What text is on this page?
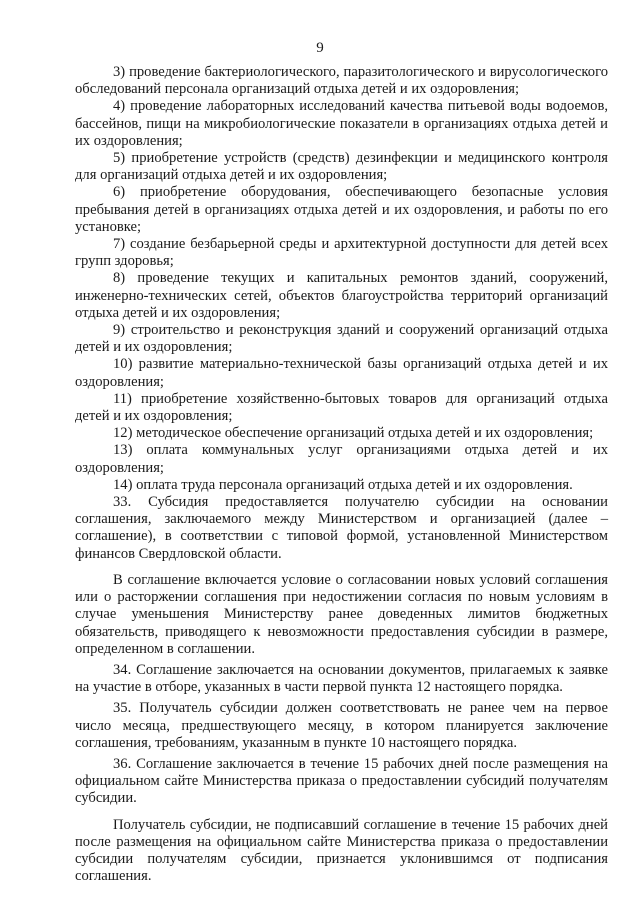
9

3) проведение бактериологического, паразитологического и вирусологического обследований персонала организаций отдыха детей и их оздоровления;

4) проведение лабораторных исследований качества питьевой воды водоемов, бассейнов, пищи на микробиологические показатели в организациях отдыха детей и их оздоровления;

5) приобретение устройств (средств) дезинфекции и медицинского контроля для организаций отдыха детей и их оздоровления;

6) приобретение оборудования, обеспечивающего безопасные условия пребывания детей в организациях отдыха детей и их оздоровления, и работы по его установке;

7) создание безбарьерной среды и архитектурной доступности для детей всех групп здоровья;

8) проведение текущих и капитальных ремонтов зданий, сооружений, инженерно-технических сетей, объектов благоустройства территорий организаций отдыха детей и их оздоровления;

9) строительство и реконструкция зданий и сооружений организаций отдыха детей и их оздоровления;

10) развитие материально-технической базы организаций отдыха детей и их оздоровления;

11) приобретение хозяйственно-бытовых товаров для организаций отдыха детей и их оздоровления;

12) методическое обеспечение организаций отдыха детей и их оздоровления;

13) оплата коммунальных услуг организациями отдыха детей и их оздоровления;

14) оплата труда персонала организаций отдыха детей и их оздоровления.

33. Субсидия предоставляется получателю субсидии на основании соглашения, заключаемого между Министерством и организацией (далее – соглашение), в соответствии с типовой формой, установленной Министерством финансов Свердловской области.

В соглашение включается условие о согласовании новых условий соглашения или о расторжении соглашения при недостижении согласия по новым условиям в случае уменьшения Министерству ранее доведенных лимитов бюджетных обязательств, приводящего к невозможности предоставления субсидии в размере, определенном в соглашении.

34. Соглашение заключается на основании документов, прилагаемых к заявке на участие в отборе, указанных в части первой пункта 12 настоящего порядка.

35. Получатель субсидии должен соответствовать не ранее чем на первое число месяца, предшествующего месяцу, в котором планируется заключение соглашения, требованиям, указанным в пункте 10 настоящего порядка.

36. Соглашение заключается в течение 15 рабочих дней после размещения на официальном сайте Министерства приказа о предоставлении субсидий получателям субсидии.

Получатель субсидии, не подписавший соглашение в течение 15 рабочих дней после размещения на официальном сайте Министерства приказа о предоставлении субсидии получателям субсидии, признается уклонившимся от подписания соглашения.
